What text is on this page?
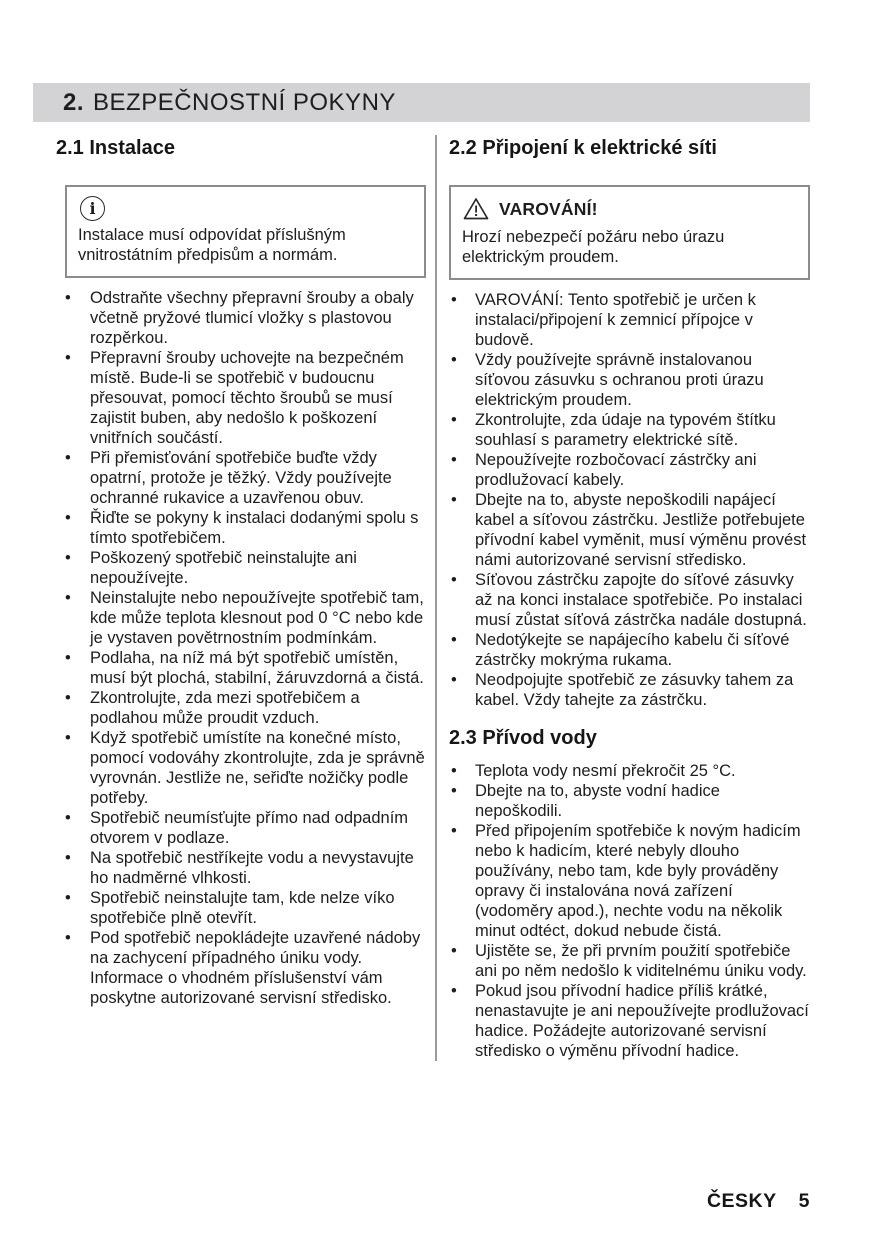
2. BEZPEČNOSTNÍ POKYNY
2.1 Instalace
i
Instalace musí odpovídat příslušným vnitrostátním předpisům a normám.
• Odstraňte všechny přepravní šrouby a obaly včetně pryžové tlumicí vložky s plastovou rozpěrkou.
• Přepravní šrouby uchovejte na bezpečném místě. Bude-li se spotřebič v budoucnu přesouvat, pomocí těchto šroubů se musí zajistit buben, aby nedošlo k poškození vnitřních součástí.
• Při přemisťování spotřebiče buďte vždy opatrní, protože je těžký. Vždy používejte ochranné rukavice a uzavřenou obuv.
• Řiďte se pokyny k instalaci dodanými spolu s tímto spotřebičem.
• Poškozený spotřebič neinstalujte ani nepoužívejte.
• Neinstalujte nebo nepoužívejte spotřebič tam, kde může teplota klesnout pod 0 °C nebo kde je vystaven povětrnostním podmínkám.
• Podlaha, na níž má být spotřebič umístěn, musí být plochá, stabilní, žáruvzdorná a čistá.
• Zkontrolujte, zda mezi spotřebičem a podlahou může proudit vzduch.
• Když spotřebič umístíte na konečné místo, pomocí vodováhy zkontrolujte, zda je správně vyrovnán. Jestliže ne, seřiďte nožičky podle potřeby.
• Spotřebič neumísťujte přímo nad odpadním otvorem v podlaze.
• Na spotřebič nestříkejte vodu a nevystavujte ho nadměrné vlhkosti.
• Spotřebič neinstalujte tam, kde nelze víko spotřebiče plně otevřít.
• Pod spotřebič nepokládejte uzavřené nádoby na zachycení případného úniku vody. Informace o vhodném příslušenství vám poskytne autorizované servisní středisko.
2.2 Připojení k elektrické síti
VAROVÁNÍ!
Hrozí nebezpečí požáru nebo úrazu elektrickým proudem.
• VAROVÁNÍ: Tento spotřebič je určen k instalaci/připojení k zemnicí přípojce v budově.
• Vždy používejte správně instalovanou síťovou zásuvku s ochranou proti úrazu elektrickým proudem.
• Zkontrolujte, zda údaje na typovém štítku souhlasí s parametry elektrické sítě.
• Nepoužívejte rozbočovací zástrčky ani prodlužovací kabely.
• Dbejte na to, abyste nepoškodili napájecí kabel a síťovou zástrčku. Jestliže potřebujete přívodní kabel vyměnit, musí výměnu provést námi autorizované servisní středisko.
• Síťovou zástrčku zapojte do síťové zásuvky až na konci instalace spotřebiče. Po instalaci musí zůstat síťová zástrčka nadále dostupná.
• Nedotýkejte se napájecího kabelu či síťové zástrčky mokrýma rukama.
• Neodpojujte spotřebič ze zásuvky tahem za kabel. Vždy tahejte za zástrčku.
2.3 Přívod vody
• Teplota vody nesmí překročit 25 °C.
• Dbejte na to, abyste vodní hadice nepoškodili.
• Před připojením spotřebiče k novým hadicím nebo k hadicím, které nebyly dlouho používány, nebo tam, kde byly prováděny opravy či instalována nová zařízení (vodoměry apod.), nechte vodu na několik minut odtéct, dokud nebude čistá.
• Ujistěte se, že při prvním použití spotřebiče ani po něm nedošlo k viditelnému úniku vody.
• Pokud jsou přívodní hadice příliš krátké, nenastavujte je ani nepoužívejte prodlužovací hadice. Požádejte autorizované servisní středisko o výměnu přívodní hadice.
ČESKY 5
